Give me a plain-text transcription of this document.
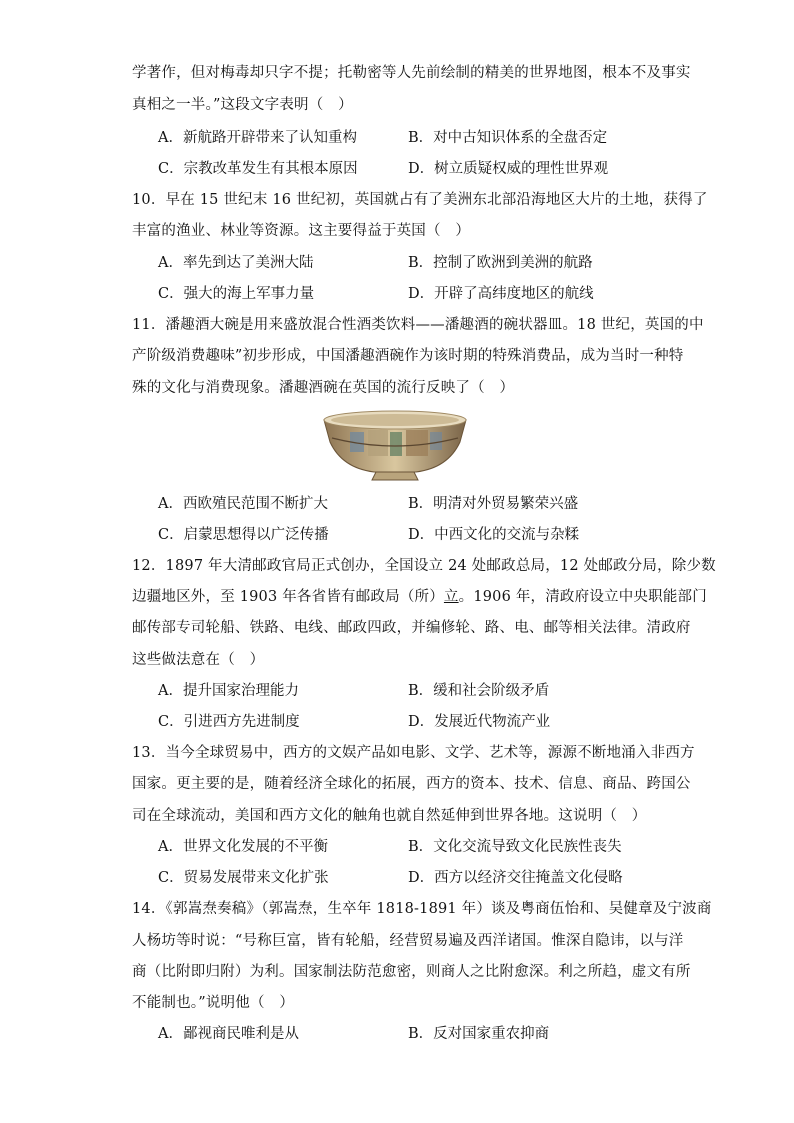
学著作，但对梅毒却只字不提；托勒密等人先前绘制的精美的世界地图，根本不及事实
真相之一半。”这段文字表明（　）
A．新航路开辟带来了认知重构	B．对中古知识体系的全盘否定
C．宗教改革发生有其根本原因	D．树立质疑权威的理性世界观
10．早在 15 世纪末 16 世纪初，英国就占有了美洲东北部沿海地区大片的土地，获得了
丰富的渔业、林业等资源。这主要得益于英国（　）
A．率先到达了美洲大陆	B．控制了欧洲到美洲的航路
C．强大的海上军事力量	D．开辟了高纬度地区的航线
11．潘趣酒大碗是用来盛放混合性酒类饮料——潘趣酒的碗状器皿。18 世纪，英国的中
产阶级消费趣味”初步形成，中国潘趣酒碗作为该时期的特殊消费品，成为当时一种特
殊的文化与消费现象。潘趣酒碗在英国的流行反映了（　）
A．西欧殖民范围不断扩大	B．明清对外贸易繁荣兴盛
C．启蒙思想得以广泛传播	D．中西文化的交流与杂糅
12．1897 年大清邮政官局正式创办，全国设立 24 处邮政总局，12 处邮政分局，除少数
边疆地区外，至 1903 年各省皆有邮政局（所）立。1906 年，清政府设立中央职能部门
邮传部专司轮船、铁路、电线、邮政四政，并编修轮、路、电、邮等相关法律。清政府
这些做法意在（　）
A．提升国家治理能力	B．缓和社会阶级矛盾
C．引进西方先进制度	D．发展近代物流产业
13．当今全球贸易中，西方的文娱产品如电影、文学、艺术等，源源不断地涌入非西方
国家。更主要的是，随着经济全球化的拓展，西方的资本、技术、信息、商品、跨国公
司在全球流动，美国和西方文化的触角也就自然延伸到世界各地。这说明（　）
A．世界文化发展的不平衡	B．文化交流导致文化民族性丧失
C．贸易发展带来文化扩张	D．西方以经济交往掩盖文化侵略
14．《郭嵩焘奏稿》（郭嵩焘，生卒年 1818-1891 年）谈及粤商伍怡和、吴健章及宁波商
人杨坊等时说：“号称巨富，皆有轮船，经营贸易遍及西洋诸国。惟深自隐讳，以与洋
商（比附即归附）为利。国家制法防范愈密，则商人之比附愈深。利之所趋，虚文有所
不能制也。”说明他（　）
A．鄙视商民唯利是从	B．反对国家重农抑商
